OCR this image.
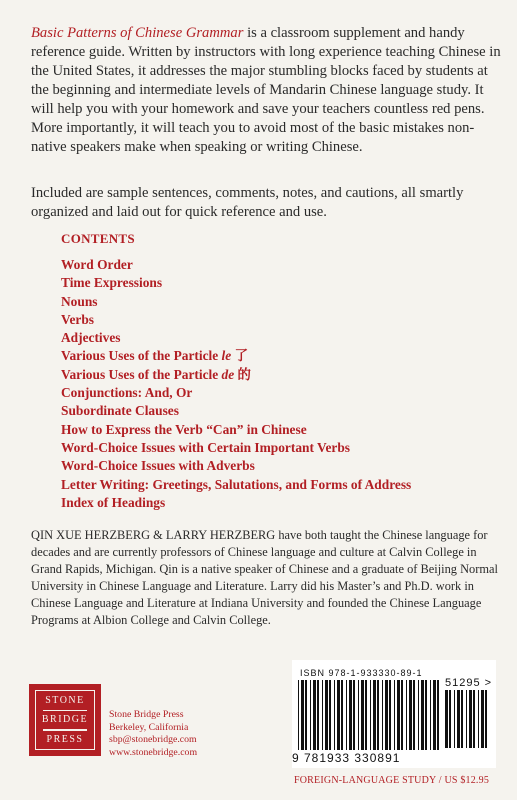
Basic Patterns of Chinese Grammar is a classroom supplement and handy reference guide. Written by instructors with long experience teaching Chinese in the United States, it addresses the major stumbling blocks faced by students at the beginning and intermediate levels of Mandarin Chinese language study. It will help you with your homework and save your teachers countless red pens. More importantly, it will teach you to avoid most of the basic mistakes non-native speakers make when speaking or writing Chinese.

Included are sample sentences, comments, notes, and cautions, all smartly organized and laid out for quick reference and use.

CONTENTS
Word Order
Time Expressions
Nouns
Verbs
Adjectives
Various Uses of the Particle le 了
Various Uses of the Particle de 的
Conjunctions: And, Or
Subordinate Clauses
How to Express the Verb “Can” in Chinese
Word-Choice Issues with Certain Important Verbs
Word-Choice Issues with Adverbs
Letter Writing: Greetings, Salutations, and Forms of Address
Index of Headings

QIN XUE HERZBERG & LARRY HERZBERG have both taught the Chinese language for decades and are currently professors of Chinese language and culture at Calvin College in Grand Rapids, Michigan. Qin is a native speaker of Chinese and a graduate of Beijing Normal University in Chinese Language and Literature. Larry did his Master’s and Ph.D. work in Chinese Language and Literature at Indiana University and founded the Chinese Language Programs at Albion College and Calvin College.

STONE
BRIDGE
PRESS
Stone Bridge Press
Berkeley, California
sbp@stonebridge.com
www.stonebridge.com
ISBN 978-1-933330-89-1
51295 >
9 781933 330891
FOREIGN-LANGUAGE STUDY / US $12.95
